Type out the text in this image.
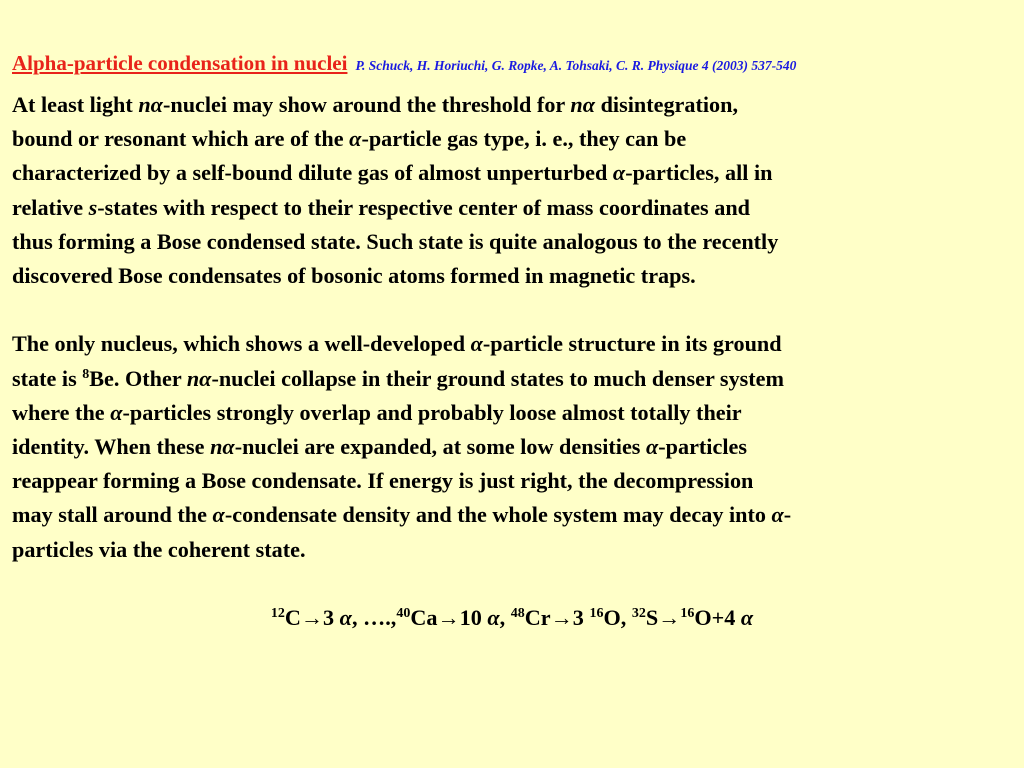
Alpha-particle condensation in nuclei P. Schuck, H. Horiuchi, G. Ropke, A. Tohsaki, C. R. Physique 4 (2003) 537-540

At least light nα-nuclei may show around the threshold for nα disintegration,
bound or resonant which are of the α-particle gas type, i. e., they can be
characterized by a self-bound dilute gas of almost unperturbed α-particles, all in
relative s-states with respect to their respective center of mass coordinates and
thus forming a Bose condensed state. Such state is quite analogous to the recently
discovered Bose condensates of bosonic atoms formed in magnetic traps.

The only nucleus, which shows a well-developed α-particle structure in its ground
state is $^8$Be. Other nα-nuclei collapse in their ground states to much denser system
where the α-particles strongly overlap and probably loose almost totally their
identity. When these nα-nuclei are expanded, at some low densities α-particles
reappear forming a Bose condensate. If energy is just right, the decompression
may stall around the α-condensate density and the whole system may decay into α-
particles via the coherent state.

$^{12}$C→3 α, ….,$^{40}$Ca→10 α, $^{48}$Cr→3 $^{16}$O, $^{32}$S→$^{16}$O+4 α
